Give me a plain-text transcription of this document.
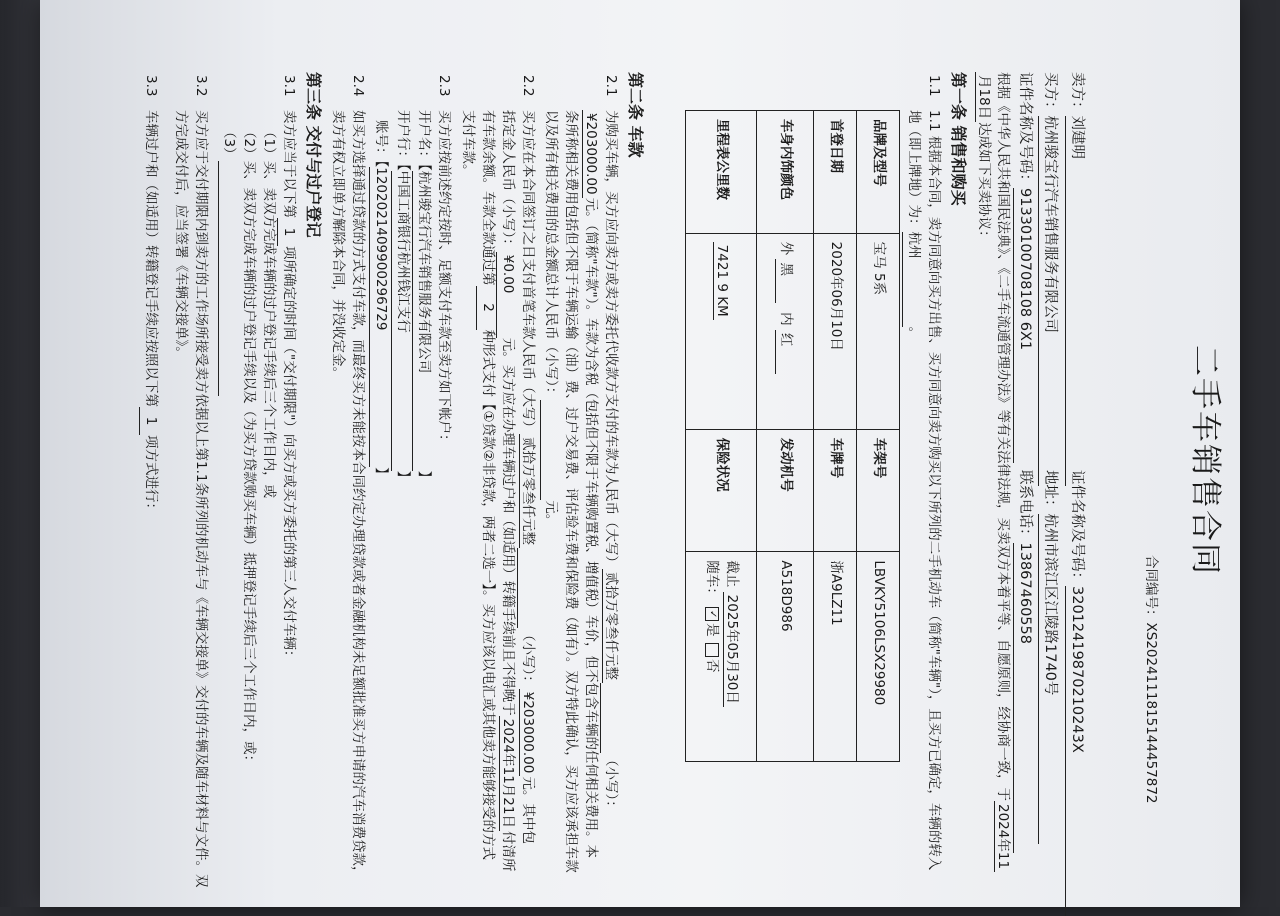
二手车销售合同
合同编号：XS2024111815144457872
卖方：刘建明
证件名称及号码：32012419870210243X
买方：杭州骏宝行汽车销售服务有限公司
地址：杭州市滨江区江陵路1740号
证件名称及号码：91330100708108 6X1
联系电话：13867460558
根据《中华人民共和国民法典》、《二手车流通管理办法》等有关法律法规，买卖双方本着平等、自愿原则，经协商一致，于2024年11
月18日达成如下买卖协议：
第一条 销售和购买
1.1
1.1 根据本合同，卖方同意向买方出售、买方同意向卖方购买以下所列的二手机动车（简称"车辆"），且买方已确定，车辆的转入
地（即上牌地）为：杭州。
品牌及型号	宝马 5系	车架号	LBVKY5106LSX29980
首登日期	2020年06月10日	车牌号	浙A9LZ11
车身内饰颜色	外 黑  内 红	发动机号	A518D986
里程表公里数	7421 9 KM	保险状况	截止 2025年05月30日
随车： ✓是 否
第二条 车款
2.1
为购买车辆，买方应向卖方或卖方委托代收款方支付的车款为人民币（大写）贰拾万零叁仟元整（小写）：
¥203000.00元。（简称"车款"）。车款为含税（包括但不限于车辆购置税、增值税）车价，但不包含车辆的任何相关费用。本
条所称相关费用包括但不限于车辆运输（油）费、过户交易费、评估验车费和保险费（如有）。双方特此确认，买方应该承担车款
以及所有相关费用的总金额总计人民币（小写）：元。
2.2
买方应在本合同签订之日支付首笔车款人民币（大写）贰拾万零叁仟元整（小写）：¥203000.00元。其中包
括定金人民币（小写）：¥0.00元。买方应在办理车辆过户和（如适用）转籍手续前且不得晚于2024年11月21日付清所
有车款余额。车款全款通过第2种形式支付【①贷款②非贷款，两者二选一】。买方应该以电汇或其他卖方能够接受的方式
支付车款。
2.3
买方应按前述约定按时、足额支付车款至卖方如下帐户：
开户名：【杭州骏宝行汽车销售服务有限公司】
开户行：【中国工商银行杭州钱江支行】
账号：【1202021409900296729】
2.4
如买方选择通过贷款的方式支付车款，而最终买方未能按本合同约定办理贷款或者金融机构未足额批准买方申请的汽车消费贷款，
卖方有权立即单方解除本合同，并没收定金。
第三条 交付与过户登记
3.1
卖方应当于以下第1项所确定的时间（"交付期限"）向买方或买方委托的第三人交付车辆：
（1）买、卖双方完成车辆的过户登记手续后三个工作日内，或
（2）买、卖双方完成车辆的过户登记手续以及（为买方贷款购买车辆）抵押登记手续后三个工作日内，或：
（3）
3.2
买方应于交付期限内到卖方的工作场所接受卖方依据以上第1.1条所列的机动车与《车辆交接单》交付的车辆及随车材料与文件。双
方完成交付后，应当签署《车辆交接单》。
3.3
车辆过户和（如适用）转籍登记手续应按照以下第1项方式进行：
